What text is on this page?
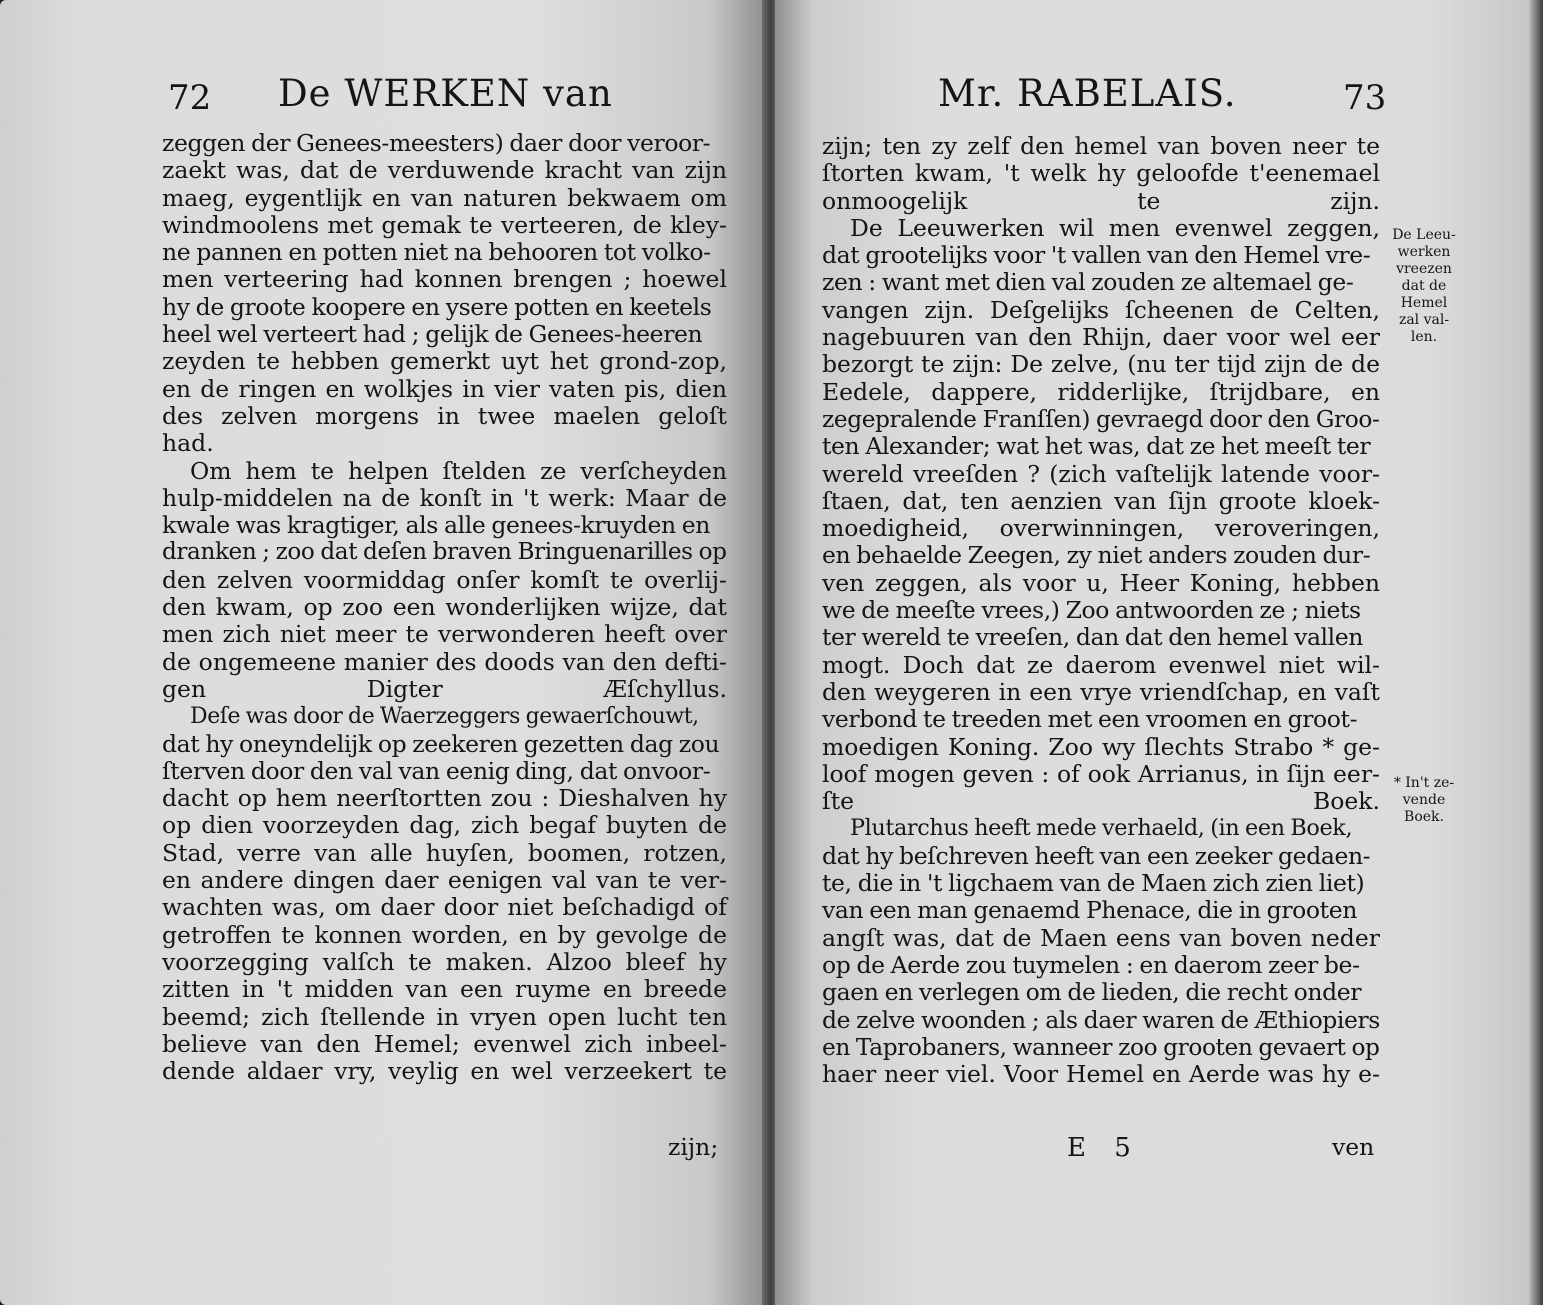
72 De WERKEN van

zeggen der Genees-meesters) daer door veroor-
zaekt was, dat de verduwende kracht van zijn
maeg, eygentlijk en van naturen bekwaem om
windmoolens met gemak te verteeren, de kley-
ne pannen en potten niet na behooren tot volko-
men verteering had konnen brengen ; hoewel
hy de groote koopere en ysere potten en keetels
heel wel verteert had ; gelijk de Genees-heeren
zeyden te hebben gemerkt uyt het grond-zop,
en de ringen en wolkjes in vier vaten pis, dien
des zelven morgens in twee maelen geloſt
had.

Om hem te helpen ſtelden ze verſcheyden
hulp-middelen na de konſt in 't werk: Maar de
kwale was kragtiger, als alle genees-kruyden en
dranken ; zoo dat deſen braven Bringuenarilles op
den zelven voormiddag onſer komſt te overlij-
den kwam, op zoo een wonderlijken wijze, dat
men zich niet meer te verwonderen heeft over
de ongemeene manier des doods van den defti-
gen Digter Æſchyllus.

Deſe was door de Waerzeggers gewaerſchouwt,
dat hy oneyndelijk op zeekeren gezetten dag zou
ſterven door den val van eenig ding, dat onvoor-
dacht op hem neerſtortten zou : Dieshalven hy
op dien voorzeyden dag, zich begaf buyten de
Stad, verre van alle huyſen, boomen, rotzen,
en andere dingen daer eenigen val van te ver-
wachten was, om daer door niet beſchadigd of
getroffen te konnen worden, en by gevolge de
voorzegging valſch te maken. Alzoo bleef hy
zitten in 't midden van een ruyme en breede
beemd; zich ſtellende in vryen open lucht ten
believe van den Hemel; evenwel zich inbeel-
dende aldaer vry, veylig en wel verzeekert te

zijn;
Mr. RABELAIS.	73

zijn; ten zy zelf den hemel van boven neer te
ſtorten kwam, 't welk hy geloofde t'eenemael
onmoogelijk te zijn.

De Leeuwerken wil men evenwel zeggen,
dat grootelijks voor 't vallen van den Hemel vre-
zen : want met dien val zouden ze altemael ge-
vangen zijn. Deſgelijks ſcheenen de Celten,
nagebuuren van den Rhijn, daer voor wel eer
bezorgt te zijn: De zelve, (nu ter tijd zijn de de
Eedele, dappere, ridderlijke, ſtrijdbare, en
zegepralende Franſſen) gevraegd door den Groo-
ten Alexander; wat het was, dat ze het meeſt ter
wereld vreeſden ? (zich vaſtelijk latende voor-
ſtaen, dat, ten aenzien van ſijn groote kloek-
moedigheid, overwinningen, veroveringen,
en behaelde Zeegen, zy niet anders zouden dur-
ven zeggen, als voor u, Heer Koning, hebben
we de meeſte vrees,) Zoo antwoorden ze ; niets
ter wereld te vreeſen, dan dat den hemel vallen
mogt. Doch dat ze daerom evenwel niet wil-
den weygeren in een vrye vriendſchap, en vaſt
verbond te treeden met een vroomen en groot-
moedigen Koning. Zoo wy ſlechts Strabo * ge-
loof mogen geven : of ook Arrianus, in ſijn eer-
ſte Boek.

Plutarchus heeft mede verhaeld, (in een Boek,
dat hy beſchreven heeft van een zeeker gedaen-
te, die in 't ligchaem van de Maen zich zien liet)
van een man genaemd Phenace, die in grooten
angſt was, dat de Maen eens van boven neder
op de Aerde zou tuymelen : en daerom zeer be-
gaen en verlegen om de lieden, die recht onder
de zelve woonden ; als daer waren de Æthiopiers
en Taprobaners, wanneer zoo grooten gevaert op
haer neer viel. Voor Hemel en Aerde was hy e-

De Leeu-
werken
vreezen
dat de
Hemel
zal val-
len.
* In't ze-
vende
Boek.
E 5	ven
